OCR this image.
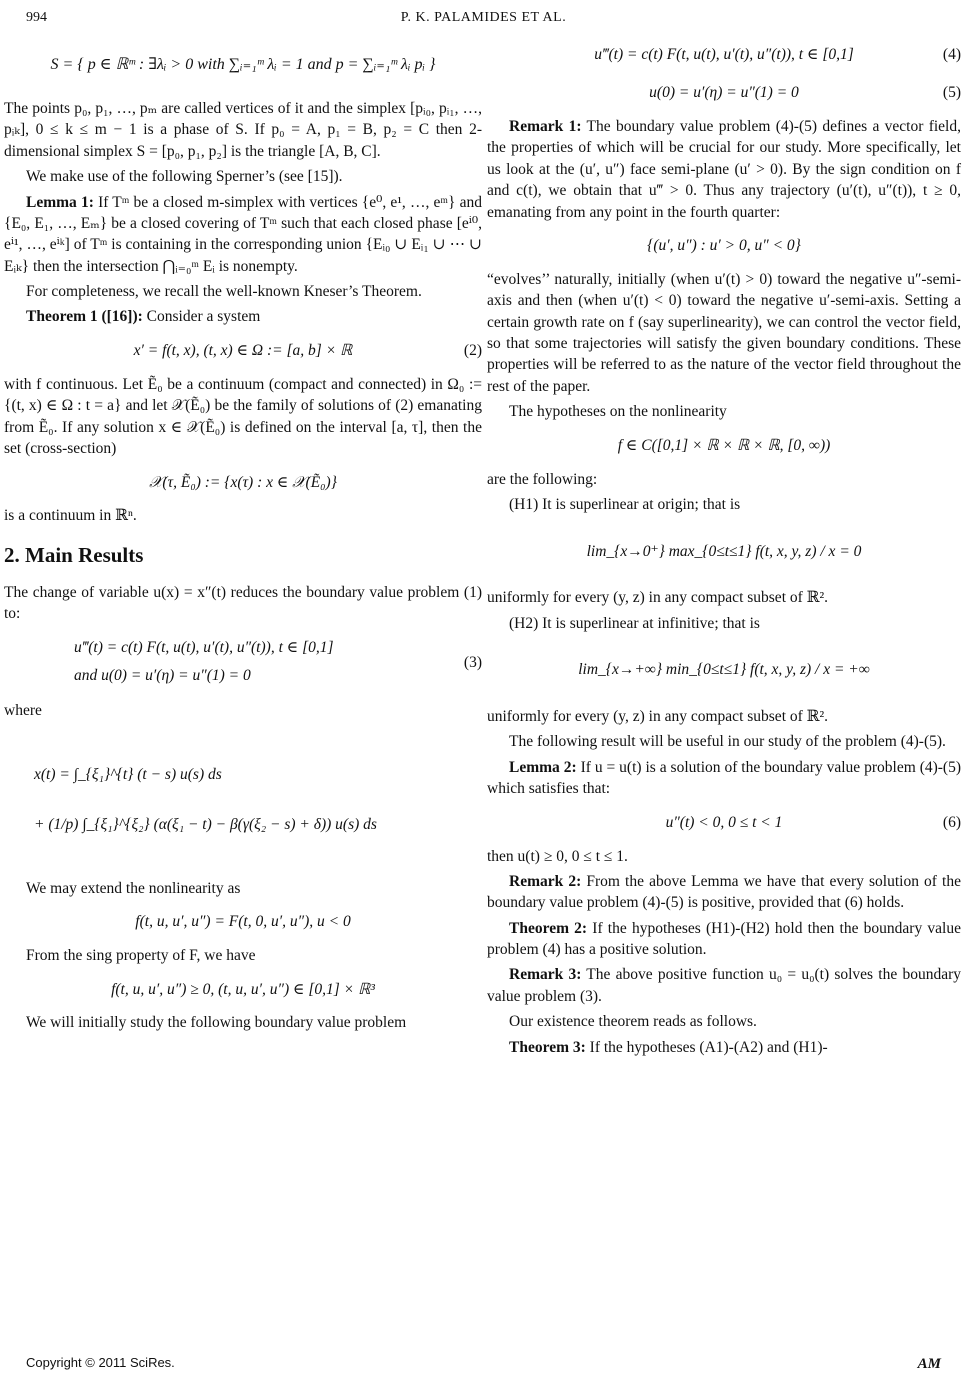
994	P. K. PALAMIDES ET AL.
S = { p ∈ ℝᵐ : ∃λᵢ > 0 with ∑ᵢ₌₁ᵐ λᵢ = 1 and p = ∑ᵢ₌₁ᵐ λᵢ pᵢ }

The points p₀, p₁, …, pₘ are called vertices of it and the simplex [pᵢ₀, pᵢ₁, …, pᵢₖ], 0 ≤ k ≤ m − 1 is a phase of S. If p₀ = A, p₁ = B, p₂ = C then 2-dimensional simplex S = [p₀, p₁, p₂] is the triangle [A, B, C].

We make use of the following Sperner’s (see [15]).

Lemma 1: If Tᵐ be a closed m-simplex with vertices {e⁰, e¹, …, eᵐ} and {E₀, E₁, …, Eₘ} be a closed covering of Tᵐ such that each closed phase [eⁱ⁰, eⁱ¹, …, eⁱᵏ] of Tᵐ is containing in the corresponding union {Eᵢ₀ ∪ Eᵢ₁ ∪ ⋯ ∪ Eᵢₖ} then the intersection ⋂ᵢ₌₀ᵐ Eᵢ is nonempty.

For completeness, we recall the well-known Kneser’s Theorem.

Theorem 1 ([16]): Consider a system

x′ = f(t, x), (t, x) ∈ Ω := [a, b] × ℝ	(2)

with f continuous. Let Ẽ₀ be a continuum (compact and connected) in Ω₀ := {(t, x) ∈ Ω : t = a} and let 𝒳(Ẽ₀) be the family of solutions of (2) emanating from Ẽ₀. If any solution x ∈ 𝒳(Ẽ₀) is defined on the interval [a, τ], then the set (cross-section)

𝒳(τ, Ẽ₀) := {x(τ) : x ∈ 𝒳(Ẽ₀)}

is a continuum in ℝⁿ.

2. Main Results

The change of variable u(x) = x″(t) reduces the boundary value problem (1) to:

u‴(t) = c(t) F(t, u(t), u′(t), u″(t)), t ∈ [0,1]
and u(0) = u′(η) = u″(1) = 0
(3)

where

x(t) = ∫_{ξ₁}^{t} (t − s) u(s) ds
+ (1/p) ∫_{ξ₁}^{ξ₂} (α(ξ₁ − t) − β(γ(ξ₂ − s) + δ)) u(s) ds

We may extend the nonlinearity as

f(t, u, u′, u″) = F(t, 0, u′, u″), u < 0

From the sing property of F, we have

f(t, u, u′, u″) ≥ 0, (t, u, u′, u″) ∈ [0,1] × ℝ³

We will initially study the following boundary value problem

u‴(t) = c(t) F(t, u(t), u′(t), u″(t)), t ∈ [0,1]	(4)
u(0) = u′(η) = u″(1) = 0	(5)

Remark 1: The boundary value problem (4)-(5) defines a vector field, the properties of which will be crucial for our study. More specifically, let us look at the (u′, u″) face semi-plane (u′ > 0). By the sign condition on f and c(t), we obtain that u‴ > 0. Thus any trajectory (u′(t), u″(t)), t ≥ 0, emanating from any point in the fourth quarter:

{(u′, u″) : u′ > 0, u″ < 0}

“evolves’’ naturally, initially (when u′(t) > 0) toward the negative u″-semi-axis and then (when u′(t) < 0) toward the negative u′-semi-axis. Setting a certain growth rate on f (say superlinearity), we can control the vector field, so that some trajectories will satisfy the given boundary conditions. These properties will be referred to as the nature of the vector field throughout the rest of the paper.

The hypotheses on the nonlinearity

f ∈ C([0,1] × ℝ × ℝ × ℝ, [0, ∞))

are the following:

(H1) It is superlinear at origin; that is

lim_{x→0⁺} max_{0≤t≤1} f(t, x, y, z) / x = 0

uniformly for every (y, z) in any compact subset of ℝ².

(H2) It is superlinear at infinitive; that is

lim_{x→+∞} min_{0≤t≤1} f(t, x, y, z) / x = +∞

uniformly for every (y, z) in any compact subset of ℝ².

The following result will be useful in our study of the problem (4)-(5).

Lemma 2: If u = u(t) is a solution of the boundary value problem (4)-(5) which satisfies that:

u″(t) < 0, 0 ≤ t < 1	(6)

then u(t) ≥ 0, 0 ≤ t ≤ 1.

Remark 2: From the above Lemma we have that every solution of the boundary value problem (4)-(5) is positive, provided that (6) holds.

Theorem 2: If the hypotheses (H1)-(H2) hold then the boundary value problem (4) has a positive solution.

Remark 3: The above positive function u₀ = u₀(t) solves the boundary value problem (3).

Our existence theorem reads as follows.

Theorem 3: If the hypotheses (A1)-(A2) and (H1)-

Copyright © 2011 SciRes.	AM
